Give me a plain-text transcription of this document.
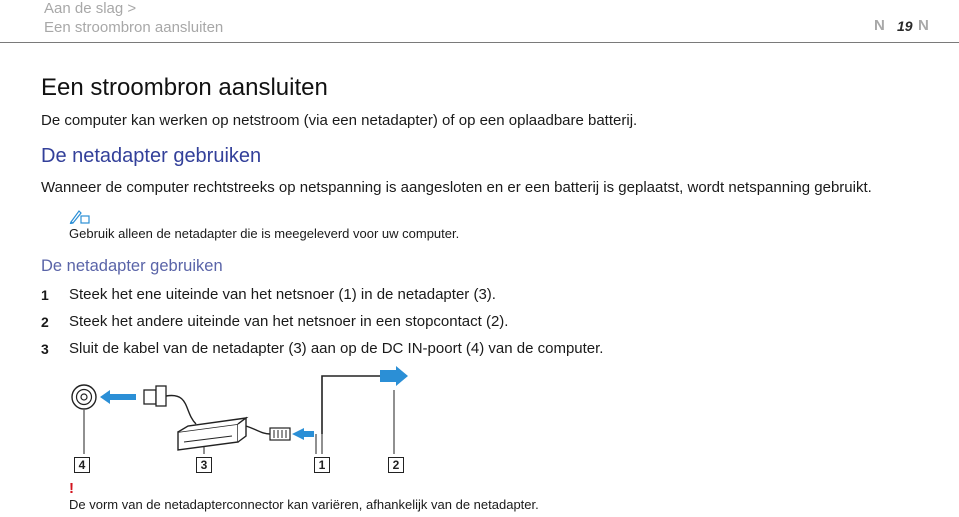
Aan de slag >
Een stroombron aansluiten	N 19 N
Een stroombron aansluiten
De computer kan werken op netstroom (via een netadapter) of op een oplaadbare batterij.
De netadapter gebruiken
Wanneer de computer rechtstreeks op netspanning is aangesloten en er een batterij is geplaatst, wordt netspanning gebruikt.
Gebruik alleen de netadapter die is meegeleverd voor uw computer.
De netadapter gebruiken
1 Steek het ene uiteinde van het netsnoer (1) in de netadapter (3).
2 Steek het andere uiteinde van het netsnoer in een stopcontact (2).
3 Sluit de kabel van de netadapter (3) aan op de DC IN-poort (4) van de computer.
4	3	1	2
!
De vorm van de netadapterconnector kan variëren, afhankelijk van de netadapter.
